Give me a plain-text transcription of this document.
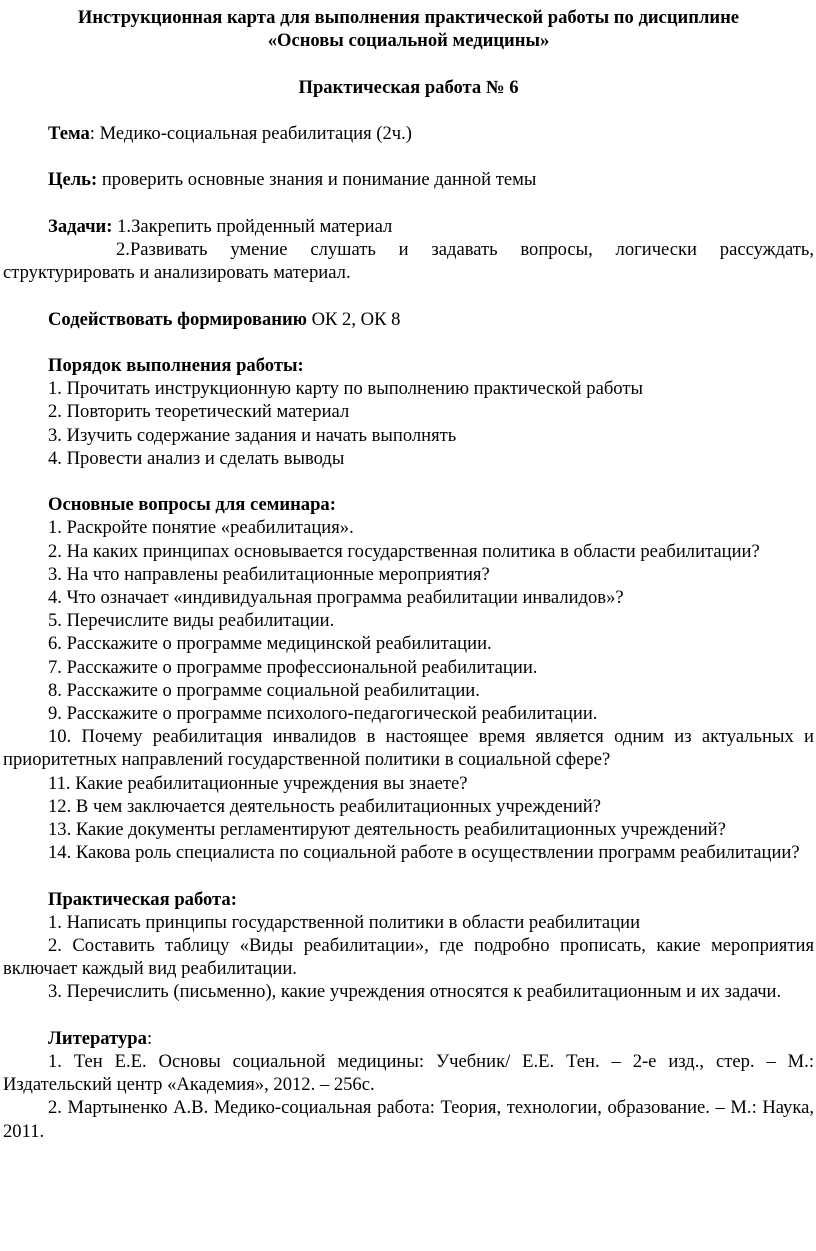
Инструкционная карта для выполнения практической работы по дисциплине

«Основы социальной медицины»

Практическая работа № 6

Тема: Медико-социальная реабилитация (2ч.)

Цель: проверить основные знания и понимание данной темы

Задачи: 1.Закрепить пройденный материал

2.Развивать умение слушать и задавать вопросы, логически рассуждать,

структурировать и анализировать материал.

Содействовать формированию ОК 2, ОК 8

Порядок выполнения работы:

1. Прочитать инструкционную карту по выполнению практической работы

2. Повторить теоретический материал

3. Изучить содержание задания и начать выполнять

4. Провести анализ и сделать выводы

Основные вопросы для семинара:

1. Раскройте понятие «реабилитация».

2. На каких принципах основывается государственная политика в области реабилитации?

3. На что направлены реабилитационные мероприятия?

4. Что означает «индивидуальная программа реабилитации инвалидов»?

5. Перечислите виды реабилитации.

6. Расскажите о программе медицинской реабилитации.

7. Расскажите о программе профессиональной реабилитации.

8. Расскажите о программе социальной реабилитации.

9. Расскажите о программе психолого-педагогической реабилитации.

10. Почему реабилитация инвалидов в настоящее время является одним из актуальных и приоритетных направлений государственной политики в социальной сфере?

11. Какие реабилитационные учреждения вы знаете?

12. В чем заключается деятельность реабилитационных учреждений?

13. Какие документы регламентируют деятельность реабилитационных учреждений?

14. Какова роль специалиста по социальной работе в осуществлении программ реабилитации?

Практическая работа:

1. Написать принципы государственной политики в области реабилитации

2. Составить таблицу «Виды реабилитации», где подробно прописать, какие мероприятия включает каждый вид реабилитации.

3. Перечислить (письменно), какие учреждения относятся к реабилитационным и их задачи.

Литература:

1. Тен Е.Е. Основы социальной медицины: Учебник/ Е.Е. Тен. – 2-е изд., стер. – М.: Издательский центр «Академия», 2012. – 256с.

2. Мартыненко А.В. Медико-социальная работа: Теория, технологии, образование. – М.: Наука, 2011.
